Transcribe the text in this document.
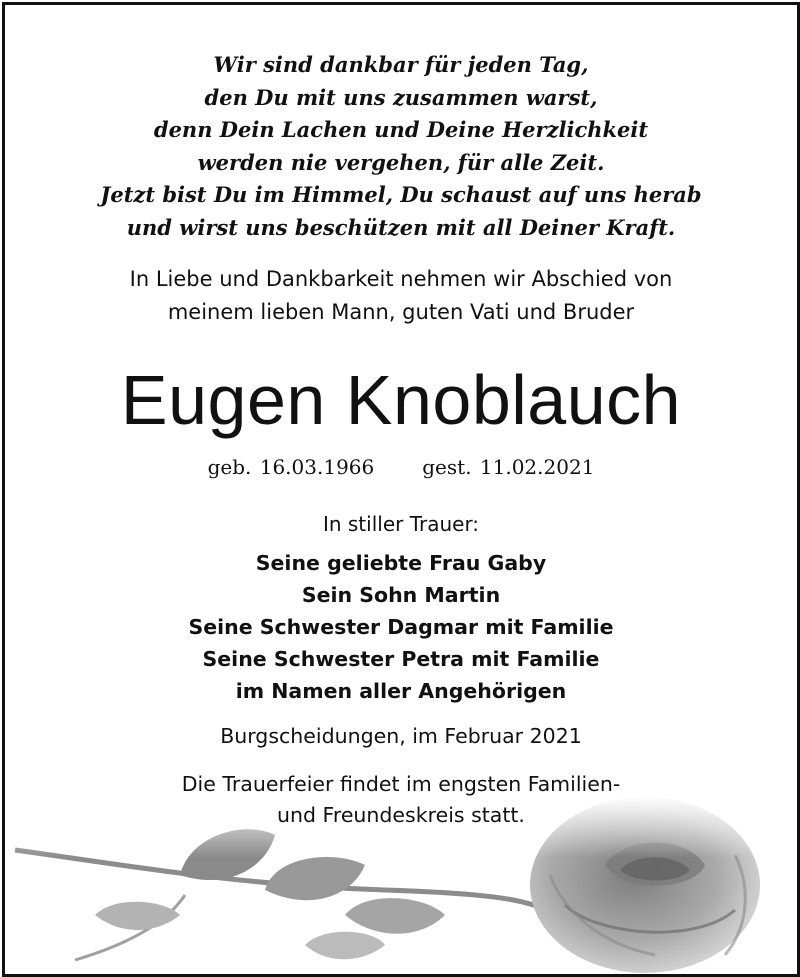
Wir sind dankbar für jeden Tag,
den Du mit uns zusammen warst,
denn Dein Lachen und Deine Herzlichkeit
werden nie vergehen, für alle Zeit.
Jetzt bist Du im Himmel, Du schaust auf uns herab
und wirst uns beschützen mit all Deiner Kraft.
In Liebe und Dankbarkeit nehmen wir Abschied von
meinem lieben Mann, guten Vati und Bruder
Eugen Knoblauch
geb. 16.03.1966 gest. 11.02.2021
In stiller Trauer:
Seine geliebte Frau Gaby
Sein Sohn Martin
Seine Schwester Dagmar mit Familie
Seine Schwester Petra mit Familie
im Namen aller Angehörigen
Burgscheidungen, im Februar 2021
Die Trauerfeier findet im engsten Familien-
und Freundeskreis statt.
